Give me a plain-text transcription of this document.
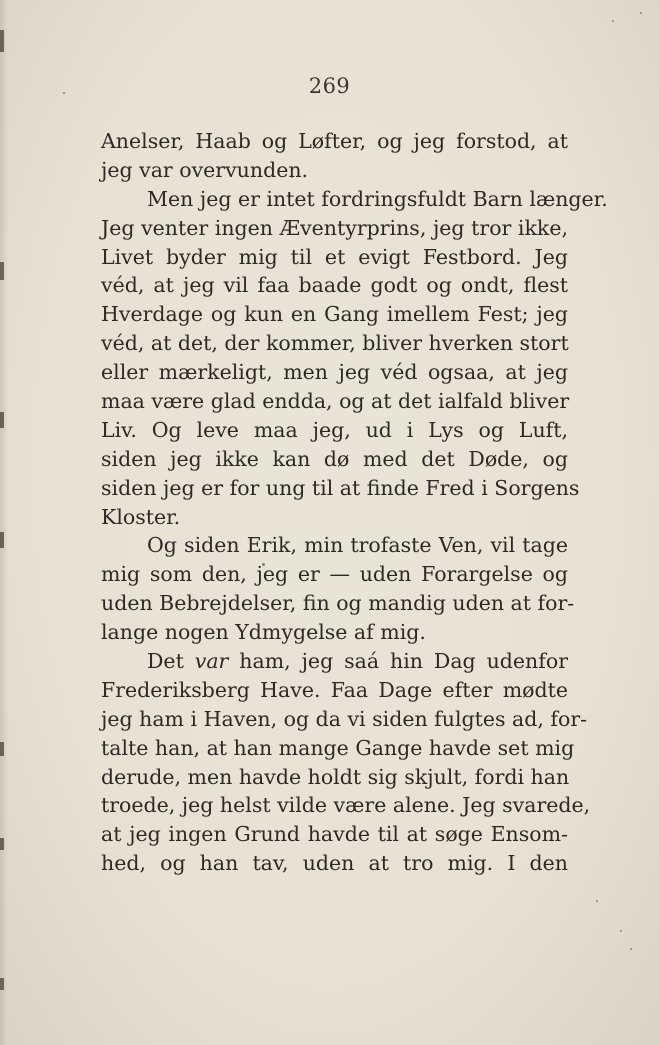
269
Anelser, Haab og Løfter, og jeg forstod, at
jeg var overvunden.
Men jeg er intet fordringsfuldt Barn længer.
Jeg venter ingen Æventyrprins, jeg tror ikke,
Livet byder mig til et evigt Festbord. Jeg
véd, at jeg vil faa baade godt og ondt, flest
Hverdage og kun en Gang imellem Fest; jeg
véd, at det, der kommer, bliver hverken stort
eller mærkeligt, men jeg véd ogsaa, at jeg
maa være glad endda, og at det ialfald bliver
Liv. Og leve maa jeg, ud i Lys og Luft,
siden jeg ikke kan dø med det Døde, og
siden jeg er for ung til at finde Fred i Sorgens
Kloster.
Og siden Erik, min trofaste Ven, vil tage
mig som den, jeg er — uden Forargelse og
uden Bebrejdelser, fin og mandig uden at for-
lange nogen Ydmygelse af mig.
Det var ham, jeg saá hin Dag udenfor
Frederiksberg Have. Faa Dage efter mødte
jeg ham i Haven, og da vi siden fulgtes ad, for-
talte han, at han mange Gange havde set mig
derude, men havde holdt sig skjult, fordi han
troede, jeg helst vilde være alene. Jeg svarede,
at jeg ingen Grund havde til at søge Ensom-
hed, og han tav, uden at tro mig. I den
